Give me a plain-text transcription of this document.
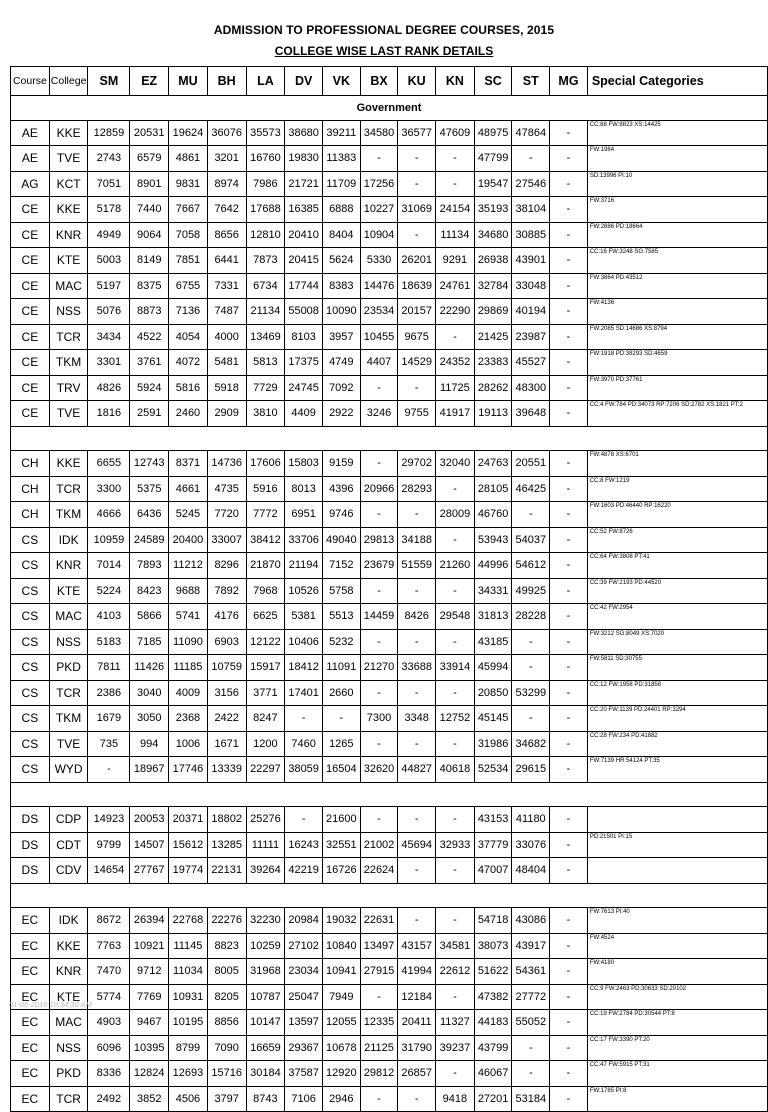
ADMISSION TO PROFESSIONAL DEGREE COURSES, 2015
COLLEGE WISE LAST RANK DETAILS
Course	College	SM	EZ	MU	BH	LA	DV	VK	BX	KU	KN	SC	ST	MG	Special Categories
Government															
AE	KKE	12859	20531	19624	36076	35573	38680	39211	34580	36577	47609	48975	47864	-	CC:88 FW:8823 XS:14425
AE	TVE	2743	6579	4861	3201	16760	19830	11383	-	-	-	47799	-	-	FW:1984
AG	KCT	7051	8901	9831	8974	7986	21721	11709	17256	-	-	19547	27546	-	SD:13996 PI:10
CE	KKE	5178	7440	7667	7642	17688	16385	6888	10227	31069	24154	35193	38104	-	FW:3716
CE	KNR	4949	9064	7058	8656	12810	20410	8404	10904	-	11134	34680	30885	-	FW:2886 PD:18664
CE	KTE	5003	8149	7851	6441	7873	20415	5624	5330	26201	9291	26938	43901	-	CC:16 FW:3248 SG:7585
CE	MAC	5197	8375	6755	7331	6734	17744	8383	14476	18639	24761	32784	33048	-	FW:3864 PD:43512
CE	NSS	5076	8873	7136	7487	21134	55008	10090	23534	20157	22290	29869	40194	-	FW:4136
CE	TCR	3434	4522	4054	4000	13469	8103	3957	10455	9675	-	21425	23987	-	FW:2085 SD:14686 XS:8794
CE	TKM	3301	3761	4072	5481	5813	17375	4749	4407	14529	24352	23383	45527	-	FW:1918 PD:38293 SD:4659
CE	TRV	4826	5924	5816	5918	7729	24745	7092	-	-	11725	28262	48300	-	FW:3970 PD:37761
CE	TVE	1816	2591	2460	2909	3810	4409	2922	3246	9755	41917	19113	39648	-	CC:4 FW:784 PD:34073 RP:7206 SD:2782 XS:1821 PT:2

CH	KKE	6655	12743	8371	14736	17606	15803	9159	-	29702	32040	24763	20551	-	FW:4878 XS:6701
CH	TCR	3300	5375	4661	4735	5916	8013	4396	20966	28293	-	28105	46425	-	CC:8 FW:1219
CH	TKM	4666	6436	5245	7720	7772	6951	9746	-	-	28009	46760	-	-	FW:1603 PD:46440 RP:16220
CS	IDK	10959	24589	20400	33007	38412	33706	49040	29813	34188	-	53943	54037	-	CC:52 FW:8726
CS	KNR	7014	7893	11212	8296	21870	21194	7152	23679	51559	21260	44996	54612	-	CC:64 FW:3808 PT:41
CS	KTE	5224	8423	9688	7892	7968	10526	5758	-	-	-	34331	49925	-	CC:39 FW:2193 PD:44520
CS	MAC	4103	5866	5741	4176	6625	5381	5513	14459	8426	29548	31813	28228	-	CC:42 FW:2954
CS	NSS	5183	7185	11090	6903	12122	10406	5232	-	-	-	43185	-	-	FW:3212 SG:8049 XS:7020
CS	PKD	7811	11426	11185	10759	15917	18412	11091	21270	33688	33914	45994	-	-	FW:5811 SD:30755
CS	TCR	2386	3040	4009	3156	3771	17401	2660	-	-	-	20850	53299	-	CC:12 FW:1958 PD:31858
CS	TKM	1679	3050	2368	2422	8247	-	-	7300	3348	12752	45145	-	-	CC:20 FW:1139 PD:24401 RP:3294
CS	TVE	735	994	1006	1671	1200	7460	1265	-	-	-	31986	34682	-	CC:28 FW:234 PD:41882
CS	WYD	-	18967	17746	13339	22297	38059	16504	32620	44827	40618	52534	29615	-	FW:7139 HR:54124 PT:35

DS	CDP	14923	20053	20371	18802	25276	-	21600	-	-	-	43153	41180	-	
DS	CDT	9799	14507	15612	13285	11111	16243	32551	21002	45694	32933	37779	33076	-	PD:21501 PI:15
DS	CDV	14654	27767	19774	22131	39264	42219	16726	22624	-	-	47007	48404	-	

EC	IDK	8672	26394	22768	22276	32230	20984	19032	22631	-	-	54718	43086	-	FW:7613 PI:40
EC	KKE	7763	10921	11145	8823	10259	27102	10840	13497	43157	34581	38073	43917	-	FW:4524
EC	KNR	7470	9712	11034	8005	31968	23034	10941	27915	41994	22612	51622	54361	-	FW:4180
EC	KTE	5774	7769	10931	8205	10787	25047	7949	-	12184	-	47382	27772	-	CC:9 FW:2463 PD:30633 SD:20102
EC	MAC	4903	9467	10195	8856	10147	13597	12055	12335	20411	11327	44183	55052	-	CC:19 FW:2784 PD:30544 PT:8
EC	NSS	6096	10395	8799	7090	16659	29367	10678	21125	31790	39237	43799	-	-	CC:17 FW:3390 PT:20
EC	PKD	8336	12824	12693	15716	30184	37587	12920	29812	26857	-	46067	-	-	CC:47 FW:5915 PT:31
EC	TCR	2492	3852	4506	3797	8743	7106	2946	-	-	9418	27201	53184	-	FW:1785 PI:8
01-06-2016 10:34:30 AM
